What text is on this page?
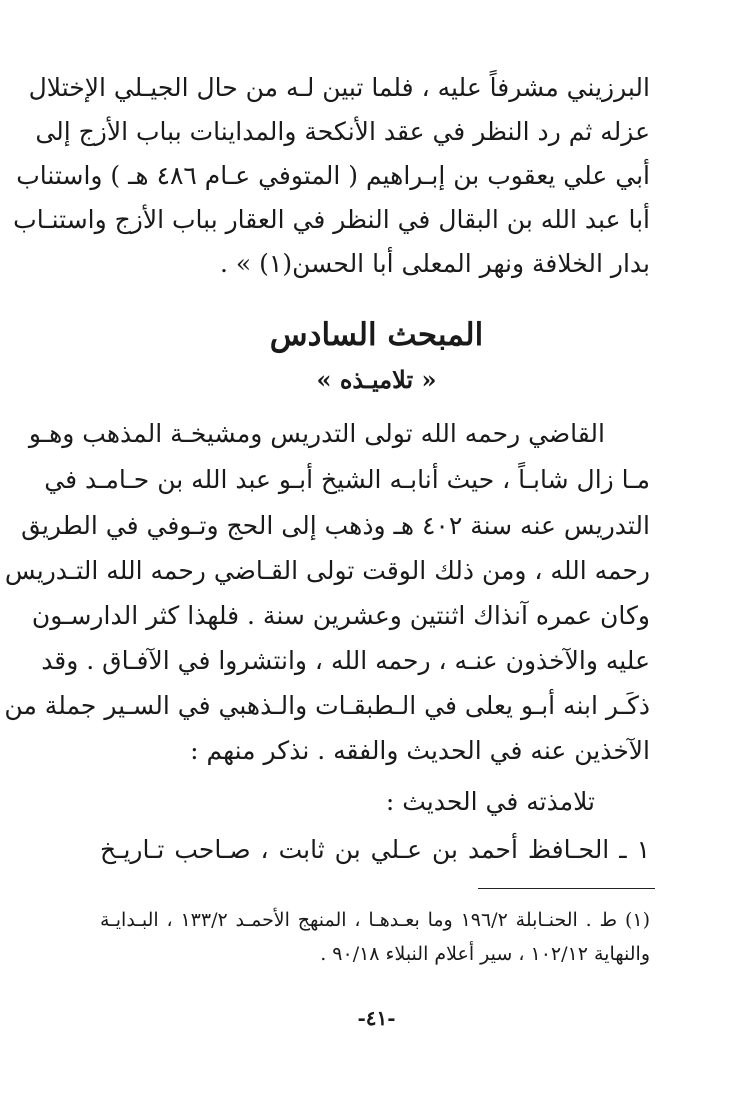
البرزيني مشرفاً عليه ، فلما تبين لـه من حال الجيـلي الإختلال
عزله ثم رد النظر في عقد الأنكحة والمداينات بباب الأزج إلى
أبي علي يعقوب بن إبـراهيم ( المتوفي عـام ٤٨٦ هـ ) واستناب
أبا عبد الله بن البقال في النظر في العقار بباب الأزج واستنـاب
بدار الخلافة ونهر المعلى أبا الحسن(١) » .
المبحث السادس
« تلاميـذه »
القاضي رحمه الله تولى التدريس ومشيخـة المذهب وهـو
مـا زال شابـاً ، حيث أنابـه الشيخ أبـو عبد الله بن حـامـد في
التدريس عنه سنة ٤٠٢ هـ وذهب إلى الحج وتـوفي في الطريق
رحمه الله ، ومن ذلك الوقت تولى القـاضي رحمه الله التـدريس
وكان عمره آنذاك اثنتين وعشرين سنة . فلهذا كثر الدارسـون
عليه والآخذون عنـه ، رحمه الله ، وانتشروا في الآفـاق . وقد
ذكَـر ابنه أبـو يعلى في الـطبقـات والـذهبي في السـير جملة من
الآخذين عنه في الحديث والفقه . نذكر منهم :
تلامذته في الحديث :
١ ـ الحـافظ أحمد بن عـلي بن ثابت ، صـاحب تـاريـخ
(١) ط . الحنـابلة ١٩٦/٢ وما بعـدهـا ، المنهج الأحمـد ١٣٣/٢ ، البـدايـة
والنهاية ١٠٢/١٢ ، سير أعلام النبلاء ٩٠/١٨ .
-٤١-
